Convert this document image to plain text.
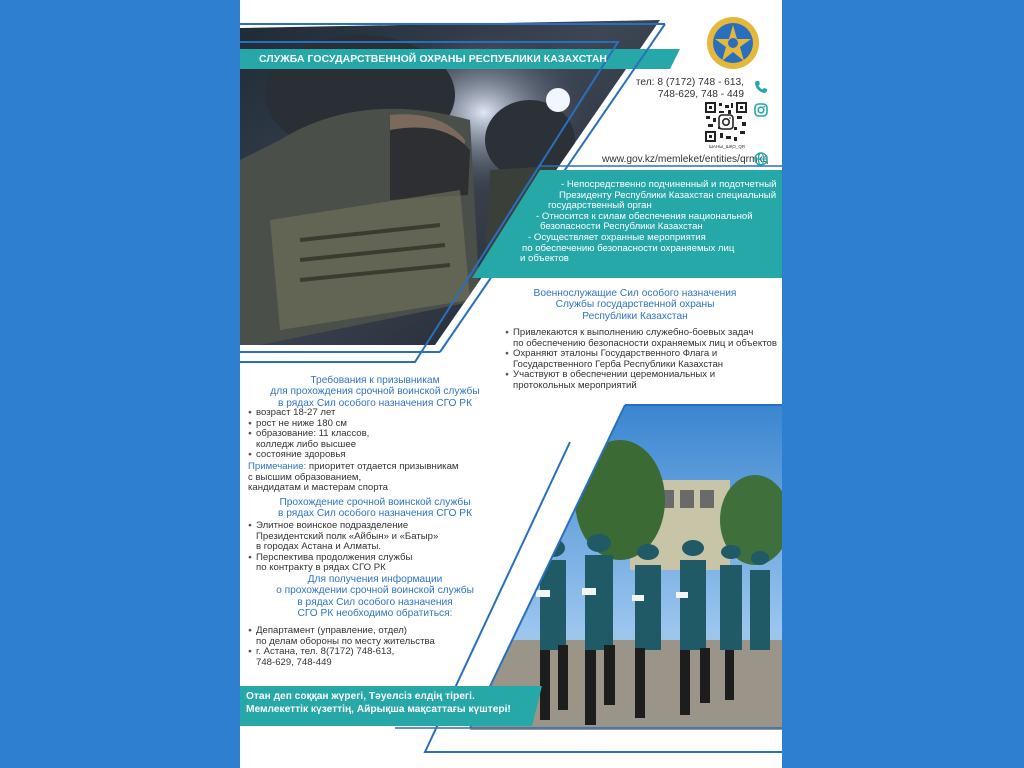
СЛУЖБА ГОСУДАРСТВЕННОЙ ОХРАНЫ РЕСПУБЛИКИ КАЗАХСТАН
тел: 8 (7172) 748 - 613,
748-629, 748 - 449
ШАНЫ_ШҚО_QR
www.gov.kz/memleket/entities/qrmkq
- Непосредственно подчиненный и подотчетный
Президенту Республики Казахстан специальный
государственный орган
- Относится к силам обеспечения национальной
безопасности Республики Казахстан
- Осуществляет охранные мероприятия
по обеспечению безопасности охраняемых лиц
и объектов
Военнослужащие Сил особого назначения
Службы государственной охраны
Республики Казахстан
● Привлекаются к выполнению служебно-боевых задач
по обеспечению безопасности охраняемых лиц и объектов
● Охраняют эталоны Государственного Флага и
Государственного Герба Республики Казахстан
● Участвуют в обеспечении церемониальных и
протокольных мероприятий
Требования к призывникам
для прохождения срочной воинской службы
в рядах Сил особого назначения СГО РК
● возраст 18-27 лет
● рост не ниже 180 см
● образование: 11 классов,
колледж либо высшее
● состояние здоровья
Примечание: приоритет отдается призывникам
с высшим образованием,
кандидатам и мастерам спорта
Прохождение срочной воинской службы
в рядах Сил особого назначения СГО РК
● Элитное воинское подразделение
Президентский полк «Айбын» и «Батыр»
в городах Астана и Алматы.
● Перспектива продолжения службы
по контракту в рядах СГО РК
Для получения информации
о прохождении срочной воинской службы
в рядах Сил особого назначения
СГО РК необходимо обратиться:
● Департамент (управление, отдел)
по делам обороны по месту жительства
● г. Астана, тел. 8(7172) 748-613,
748-629, 748-449
Отан деп соққан жүрегі, Тәуелсіз елдің тірегі.
Мемлекеттік күзеттің, Айрықша мақсаттағы күштері!
